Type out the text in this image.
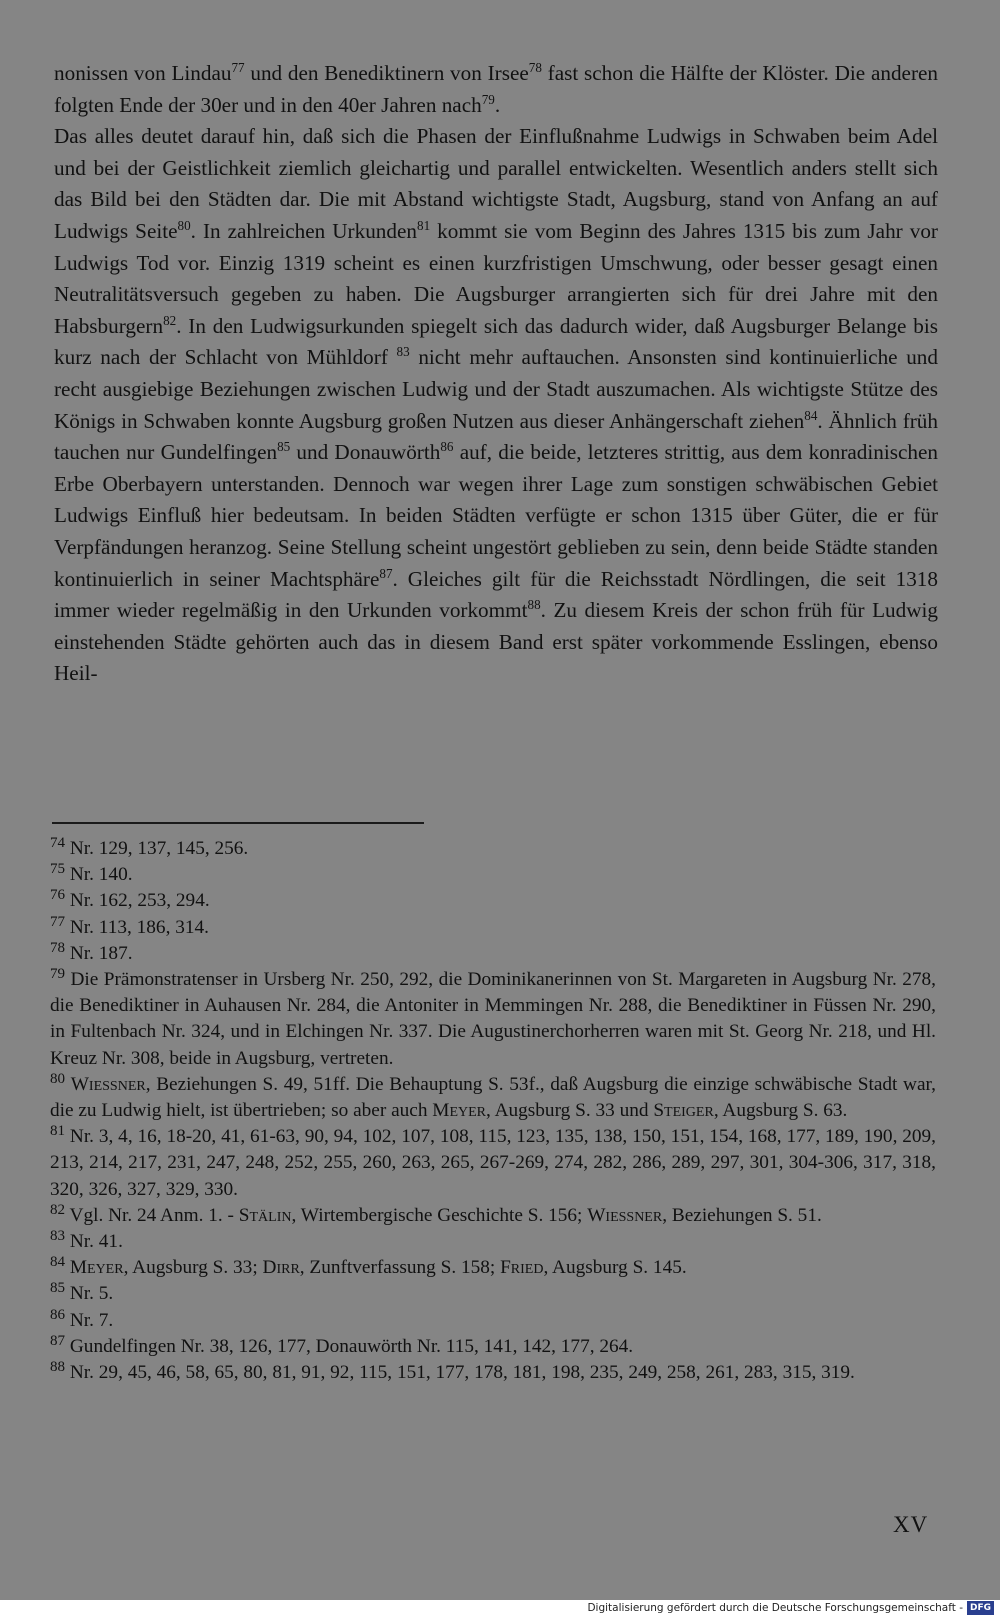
nonissen von Lindau$^{77}$ und den Benediktinern von Irsee$^{78}$ fast schon die Hälfte der Klöster. Die anderen folgten Ende der 30er und in den 40er Jahren nach$^{79}$.

Das alles deutet darauf hin, daß sich die Phasen der Einflußnahme Ludwigs in Schwaben beim Adel und bei der Geistlichkeit ziemlich gleichartig und parallel entwickelten. Wesentlich anders stellt sich das Bild bei den Städten dar. Die mit Abstand wichtigste Stadt, Augsburg, stand von Anfang an auf Ludwigs Seite$^{80}$. In zahlreichen Urkunden$^{81}$ kommt sie vom Beginn des Jahres 1315 bis zum Jahr vor Ludwigs Tod vor. Einzig 1319 scheint es einen kurzfristigen Umschwung, oder besser gesagt einen Neutralitätsversuch gegeben zu haben. Die Augsburger arrangierten sich für drei Jahre mit den Habsburgern$^{82}$. In den Ludwigsurkunden spiegelt sich das dadurch wider, daß Augsburger Belange bis kurz nach der Schlacht von Mühldorf $^{83}$ nicht mehr auftauchen. Ansonsten sind kontinuierliche und recht ausgiebige Beziehungen zwischen Ludwig und der Stadt auszumachen. Als wichtigste Stütze des Königs in Schwaben konnte Augsburg großen Nutzen aus dieser Anhängerschaft ziehen$^{84}$. Ähnlich früh tauchen nur Gundelfingen$^{85}$ und Donauwörth$^{86}$ auf, die beide, letzteres strittig, aus dem konradinischen Erbe Oberbayern unterstanden. Dennoch war wegen ihrer Lage zum sonstigen schwäbischen Gebiet Ludwigs Einfluß hier bedeutsam. In beiden Städten verfügte er schon 1315 über Güter, die er für Verpfändungen heranzog. Seine Stellung scheint ungestört geblieben zu sein, denn beide Städte standen kontinuierlich in seiner Machtsphäre$^{87}$. Gleiches gilt für die Reichsstadt Nördlingen, die seit 1318 immer wieder regelmäßig in den Urkunden vorkommt$^{88}$. Zu diesem Kreis der schon früh für Ludwig einstehenden Städte gehörten auch das in diesem Band erst später vorkommende Esslingen, ebenso Heil-

$^{74}$ Nr. 129, 137, 145, 256.
$^{75}$ Nr. 140.
$^{76}$ Nr. 162, 253, 294.
$^{77}$ Nr. 113, 186, 314.
$^{78}$ Nr. 187.
$^{79}$ Die Prämonstratenser in Ursberg Nr. 250, 292, die Dominikanerinnen von St. Margareten in Augsburg Nr. 278, die Benediktiner in Auhausen Nr. 284, die Antoniter in Memmingen Nr. 288, die Benediktiner in Füssen Nr. 290, in Fultenbach Nr. 324, und in Elchingen Nr. 337. Die Augustinerchorherren waren mit St. Georg Nr. 218, und Hl. Kreuz Nr. 308, beide in Augsburg, vertreten.
$^{80}$ Wiessner, Beziehungen S. 49, 51ff. Die Behauptung S. 53f., daß Augsburg die einzige schwäbische Stadt war, die zu Ludwig hielt, ist übertrieben; so aber auch Meyer, Augsburg S. 33 und Steiger, Augsburg S. 63.
$^{81}$ Nr. 3, 4, 16, 18-20, 41, 61-63, 90, 94, 102, 107, 108, 115, 123, 135, 138, 150, 151, 154, 168, 177, 189, 190, 209, 213, 214, 217, 231, 247, 248, 252, 255, 260, 263, 265, 267-269, 274, 282, 286, 289, 297, 301, 304-306, 317, 318, 320, 326, 327, 329, 330.
$^{82}$ Vgl. Nr. 24 Anm. 1. - Stälin, Wirtembergische Geschichte S. 156; Wiessner, Beziehungen S. 51.
$^{83}$ Nr. 41.
$^{84}$ Meyer, Augsburg S. 33; Dirr, Zunftverfassung S. 158; Fried, Augsburg S. 145.
$^{85}$ Nr. 5.
$^{86}$ Nr. 7.
$^{87}$ Gundelfingen Nr. 38, 126, 177, Donauwörth Nr. 115, 141, 142, 177, 264.
$^{88}$ Nr. 29, 45, 46, 58, 65, 80, 81, 91, 92, 115, 151, 177, 178, 181, 198, 235, 249, 258, 261, 283, 315, 319.
XV
Digitalisierung gefördert durch die Deutsche Forschungsgemeinschaft - DFG
